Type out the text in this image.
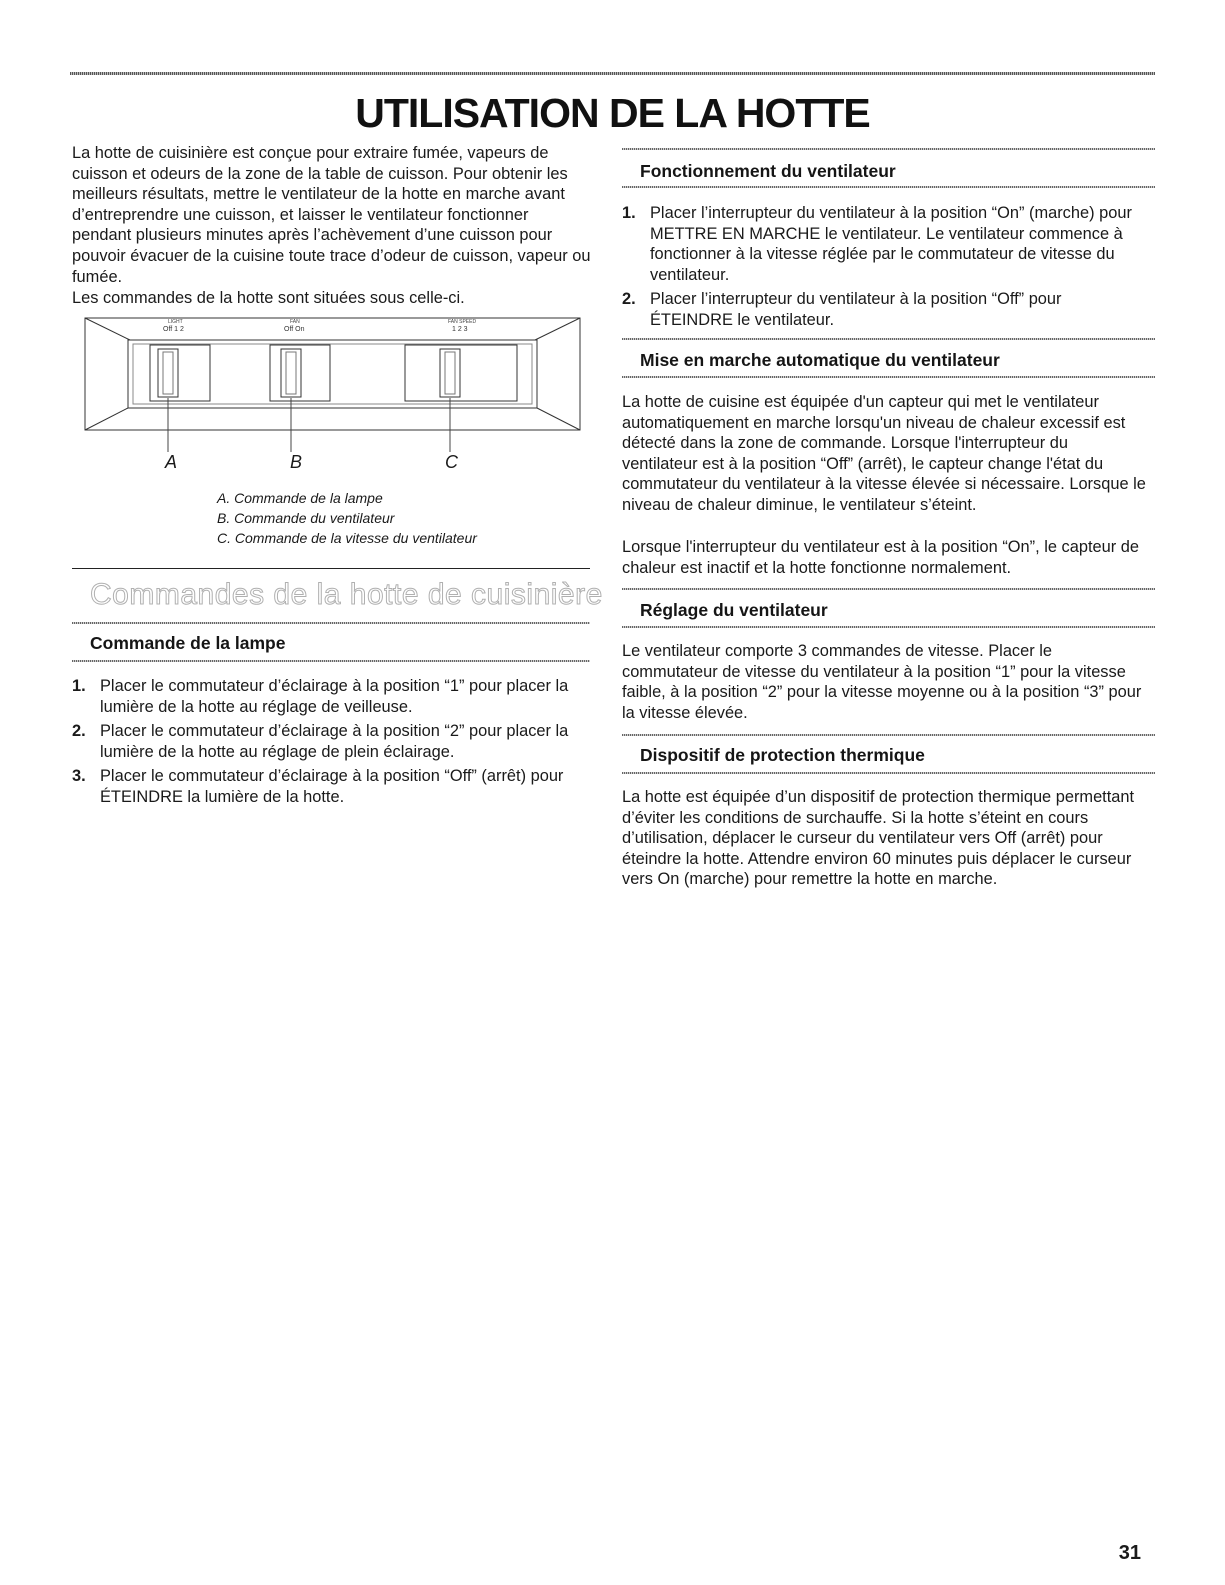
UTILISATION DE LA HOTTE

La hotte de cuisinière est conçue pour extraire fumée, vapeurs de cuisson et odeurs de la zone de la table de cuisson. Pour obtenir les meilleurs résultats, mettre le ventilateur de la hotte en marche avant d’entreprendre une cuisson, et laisser le ventilateur fonctionner pendant plusieurs minutes après l’achèvement d’une cuisson pour pouvoir évacuer de la cuisine toute trace d’odeur de cuisson, vapeur ou fumée.

Les commandes de la hotte sont situées sous celle-ci.

LIGHT
Off 1 2
FAN
Off On
FAN SPEED
1 2 3

A	B	C

A. Commande de la lampe

B. Commande du ventilateur

C. Commande de la vitesse du ventilateur

Commandes de la hotte de cuisinière
Commande de la lampe
1. Placer le commutateur d’éclairage à la position “1” pour placer la lumière de la hotte au réglage de veilleuse.
2. Placer le commutateur d’éclairage à la position “2” pour placer la lumière de la hotte au réglage de plein éclairage.
3. Placer le commutateur d’éclairage à la position “Off” (arrêt) pour ÉTEINDRE la lumière de la hotte.
Fonctionnement du ventilateur
1. Placer l’interrupteur du ventilateur à la position “On” (marche) pour METTRE EN MARCHE le ventilateur. Le ventilateur commence à fonctionner à la vitesse réglée par le commutateur de vitesse du ventilateur.
2. Placer l’interrupteur du ventilateur à la position “Off” pour ÉTEINDRE le ventilateur.
Mise en marche automatique du ventilateur

La hotte de cuisine est équipée d'un capteur qui met le ventilateur automatiquement en marche lorsqu'un niveau de chaleur excessif est détecté dans la zone de commande. Lorsque l'interrupteur du ventilateur est à la position “Off” (arrêt), le capteur change l'état du commutateur du ventilateur à la vitesse élevée si nécessaire. Lorsque le niveau de chaleur diminue, le ventilateur s’éteint.

Lorsque l'interrupteur du ventilateur est à la position “On”, le capteur de chaleur est inactif et la hotte fonctionne normalement.

Réglage du ventilateur

Le ventilateur comporte 3 commandes de vitesse. Placer le commutateur de vitesse du ventilateur à la position “1” pour la vitesse faible, à la position “2” pour la vitesse moyenne ou à la position “3” pour la vitesse élevée.

Dispositif de protection thermique

La hotte est équipée d’un dispositif de protection thermique permettant d’éviter les conditions de surchauffe. Si la hotte s’éteint en cours d’utilisation, déplacer le curseur du ventilateur vers Off (arrêt) pour éteindre la hotte. Attendre environ 60 minutes puis déplacer le curseur vers On (marche) pour remettre la hotte en marche.

31
